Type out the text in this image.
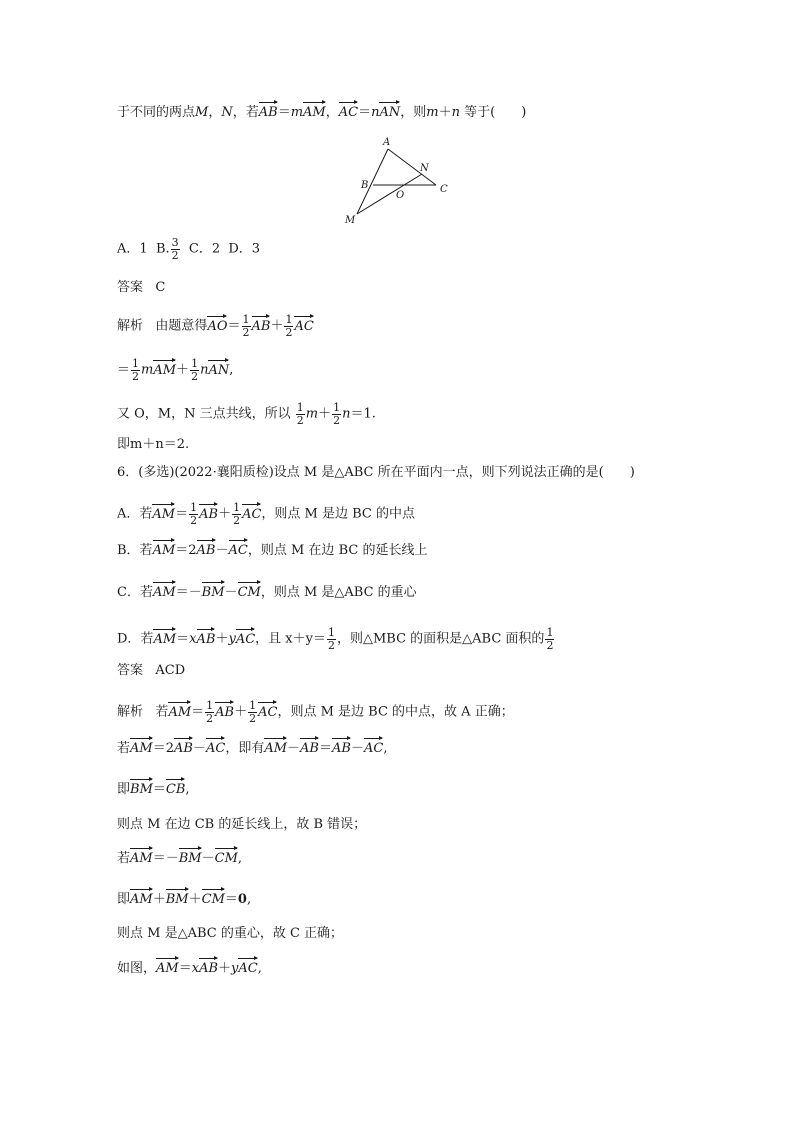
于不同的两点M，N，若AB＝mAM，AC＝nAN，则m＋n 等于(　　)
A
N
B
O
C
M
A．1 B. $\frac{3}{2}$ C．2 D．3
答案 C
解析 由题意得$AO= \frac{1}{2} AB+ \frac{1}{2}$ AC
＝ $\frac{1}{2} mAM+ \frac{1}{2}$ nAN,
又 O，M，N 三点共线，所以 $\frac{1}{2} m+ \frac{1}{2} n=1$.
即m＋n＝2.
6．(多选)(2022·襄阳质检)设点 M 是△ABC 所在平面内一点，则下列说法正确的是(　　)
A．若$AM= \frac{1}{2} AB+ \frac{1}{2}$ AC，则点 M 是边 BC 的中点
B．若AM＝2AB－AC，则点 M 在边 BC 的延长线上
C．若AM＝－BM－CM，则点 M 是△ABC 的重心
D．若AM＝xAB＋yAC，且 $x+y= \frac{1}{2}$ ，则△MBC 的面积是△ABC 面积的 $\frac{1}{2}$
答案 ACD
解析 若$AM= \frac{1}{2} AB+ \frac{1}{2}$ AC，则点 M 是边 BC 的中点，故 A 正确；
若AM＝2AB－AC，即有AM－AB＝AB－AC,
即BM＝CB,
则点 M 在边 CB 的延长线上，故 B 错误；
若AM＝－BM－CM,
即AM＋BM＋CM＝0,
则点 M 是△ABC 的重心，故 C 正确；
如图，AM＝xAB＋yAC,
